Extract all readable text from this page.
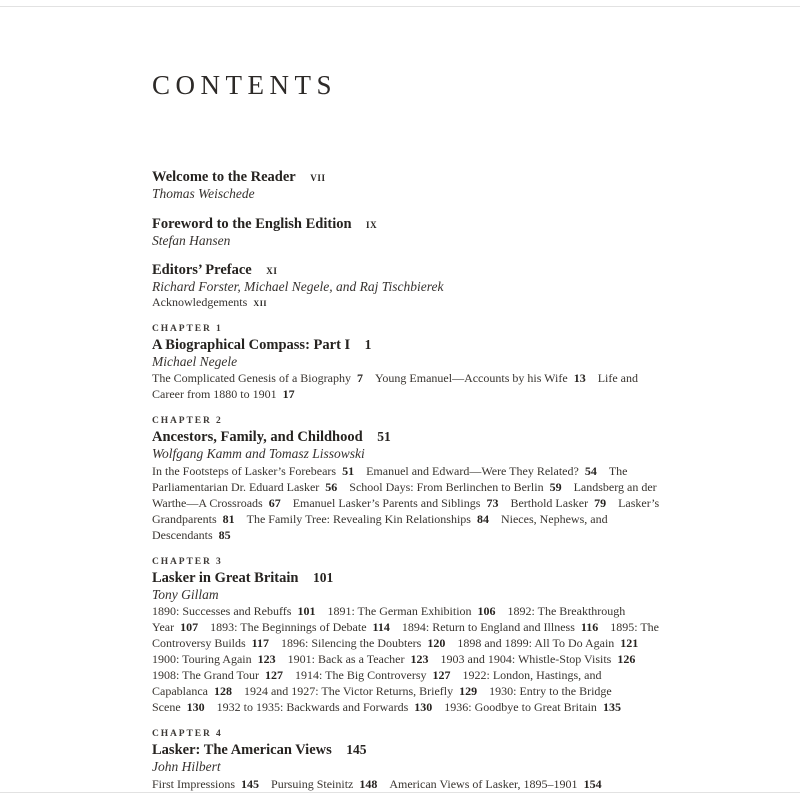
CONTENTS
Welcome to the Reader   vii
Thomas Weischede
Foreword to the English Edition   ix
Stefan Hansen
Editors’ Preface   xi
Richard Forster, Michael Negele, and Raj Tischbierek
Acknowledgements  xii
CHAPTER 1
A Biographical Compass: Part I   1
Michael Negele

The Complicated Genesis of a Biography 7   Young Emanuel—Accounts by his Wife 13   Life and Career from 1880 to 1901 17

CHAPTER 2
Ancestors, Family, and Childhood   51
Wolfgang Kamm and Tomasz Lissowski

In the Footsteps of Lasker’s Forebears 51   Emanuel and Edward—Were They Related? 54   The Parliamentarian Dr. Eduard Lasker 56   School Days: From Berlinchen to Berlin 59   Landsberg an der Warthe—A Crossroads 67   Emanuel Lasker’s Parents and Siblings 73   Berthold Lasker 79   Lasker’s Grandparents 81   The Family Tree: Revealing Kin Relationships 84   Nieces, Nephews, and Descendants 85

CHAPTER 3
Lasker in Great Britain   101
Tony Gillam

1890: Successes and Rebuffs 101   1891: The German Exhibition 106   1892: The Breakthrough Year 107   1893: The Beginnings of Debate 114   1894: Return to England and Illness 116   1895: The Controversy Builds 117   1896: Silencing the Doubters 120   1898 and 1899: All To Do Again 121  1900: Touring Again 123   1901: Back as a Teacher 123   1903 and 1904: Whistle-Stop Visits 126  1908: The Grand Tour 127   1914: The Big Controversy 127   1922: London, Hastings, and Capablanca 128   1924 and 1927: The Victor Returns, Briefly 129   1930: Entry to the Bridge Scene 130   1932 to 1935: Backwards and Forwards 130   1936: Goodbye to Great Britain 135

CHAPTER 4
Lasker: The American Views   145
John Hilbert

First Impressions 145   Pursuing Steinitz 148   American Views of Lasker, 1895–1901 154
